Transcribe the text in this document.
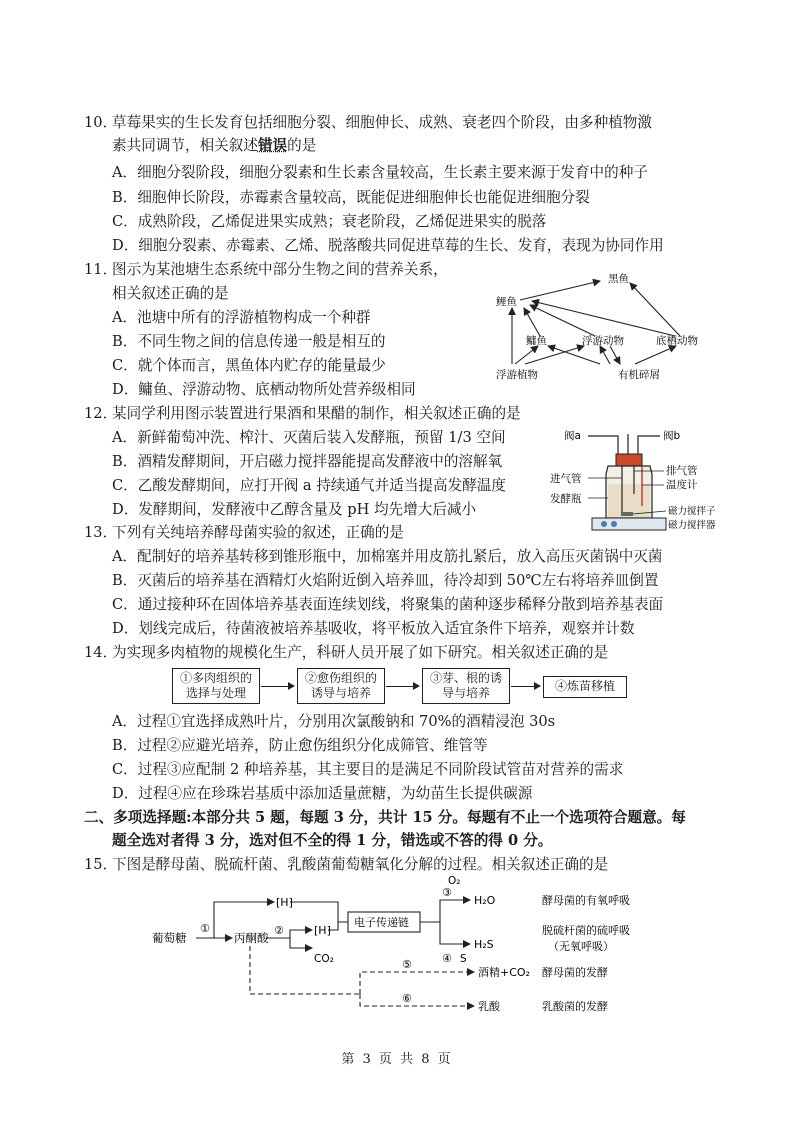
10．
草莓果实的生长发育包括细胞分裂、细胞伸长、成熟、衰老四个阶段，由多种植物激
素共同调节，相关叙述错误的是
A．细胞分裂阶段，细胞分裂素和生长素含量较高，生长素主要来源于发育中的种子
B．细胞伸长阶段，赤霉素含量较高，既能促进细胞伸长也能促进细胞分裂
C．成熟阶段，乙烯促进果实成熟；衰老阶段，乙烯促进果实的脱落
D．细胞分裂素、赤霉素、乙烯、脱落酸共同促进草莓的生长、发育，表现为协同作用
11．
图示为某池塘生态系统中部分生物之间的营养关系，
相关叙述正确的是
A．池塘中所有的浮游植物构成一个种群
B．不同生物之间的信息传递一般是相互的
C．就个体而言，黑鱼体内贮存的能量最少
D．鳙鱼、浮游动物、底栖动物所处营养级相同
黑鱼
鲤鱼
鳙鱼	浮游动物	底栖动物
浮游植物	有机碎屑
12．
某同学利用图示装置进行果酒和果醋的制作，相关叙述正确的是
A．新鲜葡萄冲洗、榨汁、灭菌后装入发酵瓶，预留 1/3 空间
B．酒精发酵期间，开启磁力搅拌器能提高发酵液中的溶解氧
C．乙酸发酵期间，应打开阀 a 持续通气并适当提高发酵温度
D．发酵期间，发酵液中乙醇含量及 pH 均先增大后减小
阀a	阀b
进气管
发酵瓶
排气管
温度计
磁力搅拌子
磁力搅拌器
13．
下列有关纯培养酵母菌实验的叙述，正确的是
A．配制好的培养基转移到锥形瓶中，加棉塞并用皮筋扎紧后，放入高压灭菌锅中灭菌
B．灭菌后的培养基在酒精灯火焰附近倒入培养皿，待冷却到 50℃左右将培养皿倒置
C．通过接种环在固体培养基表面连续划线，将聚集的菌种逐步稀释分散到培养基表面
D．划线完成后，待菌液被培养基吸收，将平板放入适宜条件下培养，观察并计数
14．
为实现多肉植物的规模化生产，科研人员开展了如下研究。相关叙述正确的是
①多肉组织的
选择与处理
②愈伤组织的
诱导与培养
③芽、根的诱
导与培养	④炼苗移植
A．过程①宜选择成熟叶片，分别用次氯酸钠和 70%的酒精浸泡 30s
B．过程②应避光培养，防止愈伤组织分化成筛管、维管等
C．过程③应配制 2 种培养基，其主要目的是满足不同阶段试管苗对营养的需求
D．过程④应在珍珠岩基质中添加适量蔗糖，为幼苗生长提供碳源
二、多项选择题:本部分共 5 题，每题 3 分，共计 15 分。每题有不止一个选项符合题意。每
题全选对者得 3 分，选对但不全的得 1 分，错选或不答的得 0 分。
15．
下图是酵母菌、脱硫杆菌、乳酸菌葡萄糖氧化分解的过程。相关叙述正确的是
葡萄糖
①
丙酮酸
[H]
②	[H]
CO₂
电子传递链
O₂
③
H₂O
H₂S
④ S
⑤
⑥
酒精+CO₂
乳酸
酵母菌的有氧呼吸
脱硫杆菌的硫呼吸
（无氧呼吸）
酵母菌的发酵
乳酸菌的发酵
第 3 页 共 8 页
